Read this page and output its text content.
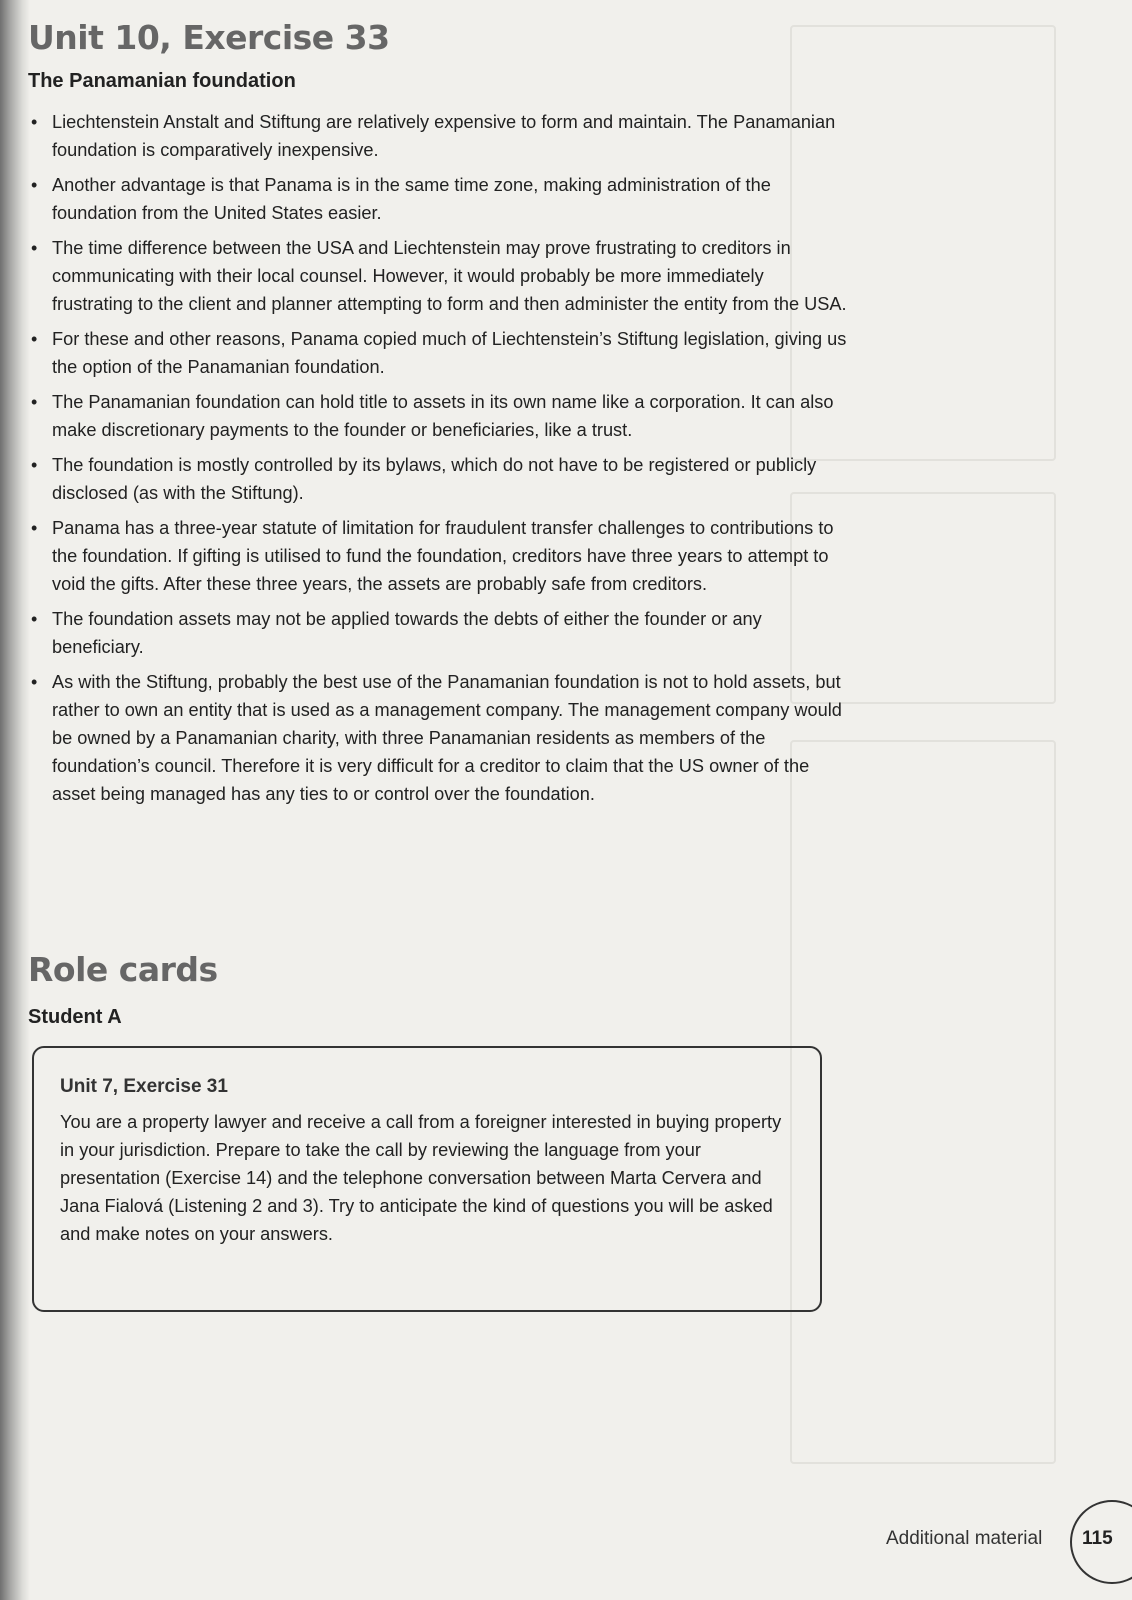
Unit 10, Exercise 33
The Panamanian foundation
• Liechtenstein Anstalt and Stiftung are relatively expensive to form and maintain. The Panamanian foundation is comparatively inexpensive.
• Another advantage is that Panama is in the same time zone, making administration of the foundation from the United States easier.
• The time difference between the USA and Liechtenstein may prove frustrating to creditors in communicating with their local counsel. However, it would probably be more immediately frustrating to the client and planner attempting to form and then administer the entity from the USA.
• For these and other reasons, Panama copied much of Liechtenstein’s Stiftung legislation, giving us the option of the Panamanian foundation.
• The Panamanian foundation can hold title to assets in its own name like a corporation. It can also make discretionary payments to the founder or beneficiaries, like a trust.
• The foundation is mostly controlled by its bylaws, which do not have to be registered or publicly disclosed (as with the Stiftung).
• Panama has a three-year statute of limitation for fraudulent transfer challenges to contributions to the foundation. If gifting is utilised to fund the foundation, creditors have three years to attempt to void the gifts. After these three years, the assets are probably safe from creditors.
• The foundation assets may not be applied towards the debts of either the founder or any beneficiary.
• As with the Stiftung, probably the best use of the Panamanian foundation is not to hold assets, but rather to own an entity that is used as a management company. The management company would be owned by a Panamanian charity, with three Panamanian residents as members of the foundation’s council. Therefore it is very difficult for a creditor to claim that the US owner of the asset being managed has any ties to or control over the foundation.
Role cards
Student A
Unit 7, Exercise 31

You are a property lawyer and receive a call from a foreigner interested in buying property in your jurisdiction. Prepare to take the call by reviewing the language from your presentation (Exercise 14) and the telephone conversation between Marta Cervera and Jana Fialová (Listening 2 and 3). Try to anticipate the kind of questions you will be asked and make notes on your answers.

Additional material 115
